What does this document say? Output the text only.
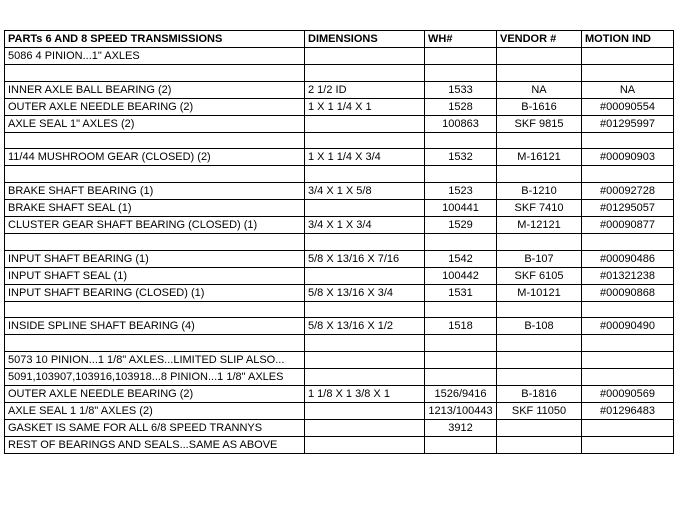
PARTs 6 AND 8 SPEED TRANSMISSIONS	DIMENSIONS	WH#	VENDOR #	MOTION IND
5086 4 PINION...1" AXLES				

INNER AXLE BALL BEARING (2)	2 1/2 ID	1533	NA	NA
OUTER AXLE NEEDLE BEARING (2)	1 X 1 1/4 X 1	1528	B-1616	#00090554
AXLE SEAL 1" AXLES (2)		100863	SKF 9815	#01295997

11/44 MUSHROOM GEAR (CLOSED) (2)	1 X 1 1/4 X 3/4	1532	M-16121	#00090903

BRAKE SHAFT BEARING (1)	3/4 X 1 X 5/8	1523	B-1210	#00092728
BRAKE SHAFT SEAL (1)		100441	SKF 7410	#01295057
CLUSTER GEAR SHAFT BEARING (CLOSED) (1)	3/4 X 1 X 3/4	1529	M-12121	#00090877

INPUT SHAFT BEARING (1)	5/8 X 13/16 X 7/16	1542	B-107	#00090486
INPUT SHAFT SEAL (1)		100442	SKF 6105	#01321238
INPUT SHAFT BEARING (CLOSED) (1)	5/8 X 13/16 X 3/4	1531	M-10121	#00090868

INSIDE SPLINE SHAFT BEARING (4)	5/8 X 13/16 X 1/2	1518	B-108	#00090490

5073 10 PINION...1 1/8" AXLES...LIMITED SLIP ALSO...				
5091,103907,103916,103918...8 PINION...1 1/8" AXLES				
OUTER AXLE NEEDLE BEARING (2)	1 1/8 X 1 3/8 X 1	1526/9416	B-1816	#00090569
AXLE SEAL 1 1/8" AXLES (2)		1213/100443	SKF 11050	#01296483
GASKET IS SAME FOR ALL 6/8 SPEED TRANNYS		3912		
REST OF BEARINGS AND SEALS...SAME AS ABOVE				
